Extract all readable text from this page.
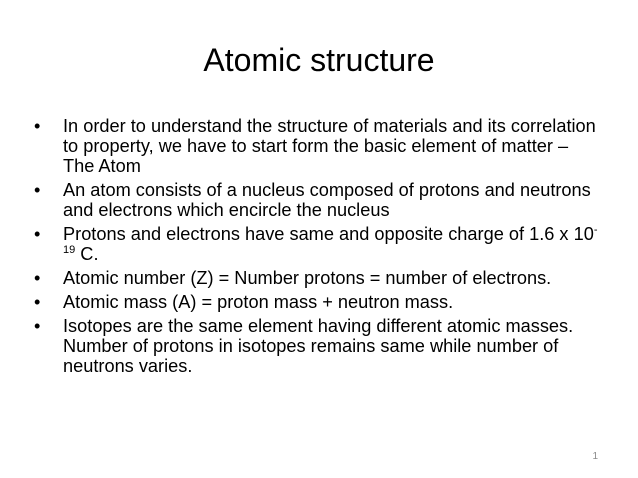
Atomic structure
•	In order to understand the structure of materials and its correlation to property, we have to start form the basic element of matter – The Atom
•	An atom consists of a nucleus composed of protons and neutrons and electrons which encircle the nucleus
•	Protons and electrons have same and opposite charge of 1.6 x $10^{-19}$ C.
•	Atomic number (Z) = Number protons = number of electrons.
•	Atomic mass (A) = proton mass + neutron mass.
•	Isotopes are the same element having different atomic masses. Number of protons in isotopes remains same while number of neutrons varies.
1
